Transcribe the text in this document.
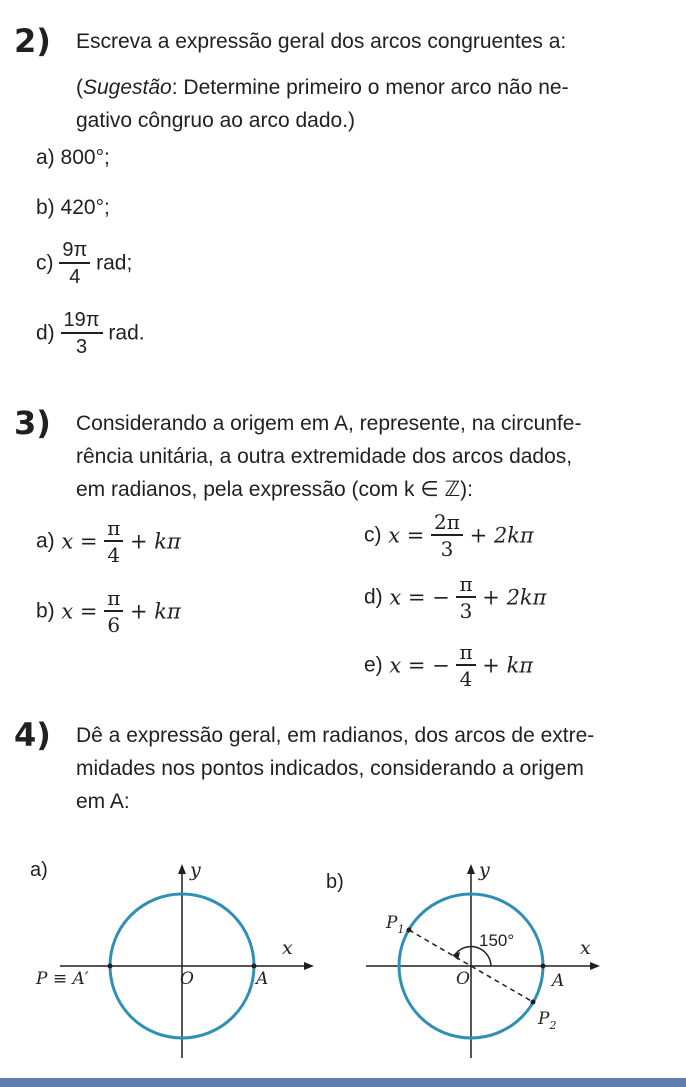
2) Escreva a expressão geral dos arcos congruentes a:
(Sugestão: Determine primeiro o menor arco não ne-
gativo côngruo ao arco dado.)
a) 800°;
b) 420°;
$c) \frac{9\pi}{4}$ rad;
$d) \frac{19\pi}{3}$ rad.
3) Considerando a origem em A, represente, na circunfe-
rência unitária, a outra extremidade dos arcos dados,
em radianos, pela expressão (com k ∈ ℤ):
a) $x = \frac{\pi}{4} + k\pi$
b) $x = \frac{\pi}{6} + k\pi$
c) $x = \frac{2\pi}{3} + 2k\pi$
d) x = − $\frac{\pi}{3} + 2k\pi$
e) x = − $\frac{\pi}{4} + k\pi$
4) Dê a expressão geral, em radianos, dos arcos de extre-
midades nos pontos indicados, considerando a origem
em A:
a)	y
x
O	A
P ≡ A′
b)
y
x
O	A
150°
$P_1$
$P_2$
